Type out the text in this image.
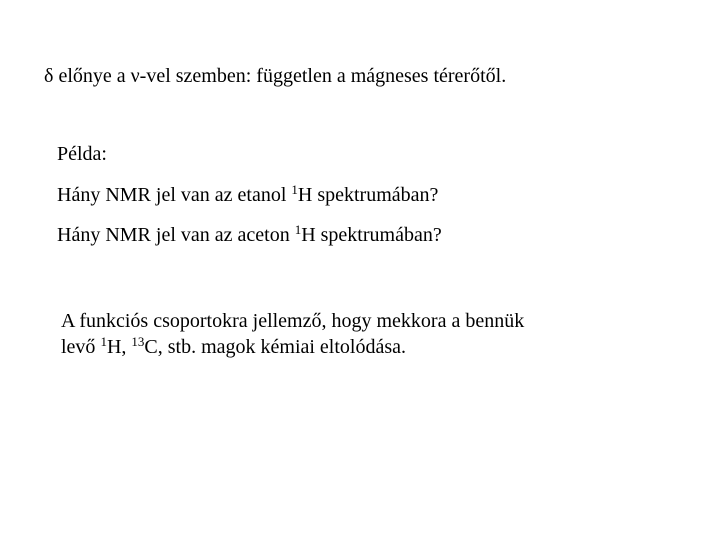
δ előnye a ν-vel szemben: független a mágneses térerőtől.
Példa:
Hány NMR jel van az etanol $^1$H spektrumában?
Hány NMR jel van az aceton $^1$H spektrumában?
A funkciós csoportokra jellemző, hogy mekkora a bennük
levő $^1$H, $^{13}$C, stb. magok kémiai eltolódása.
